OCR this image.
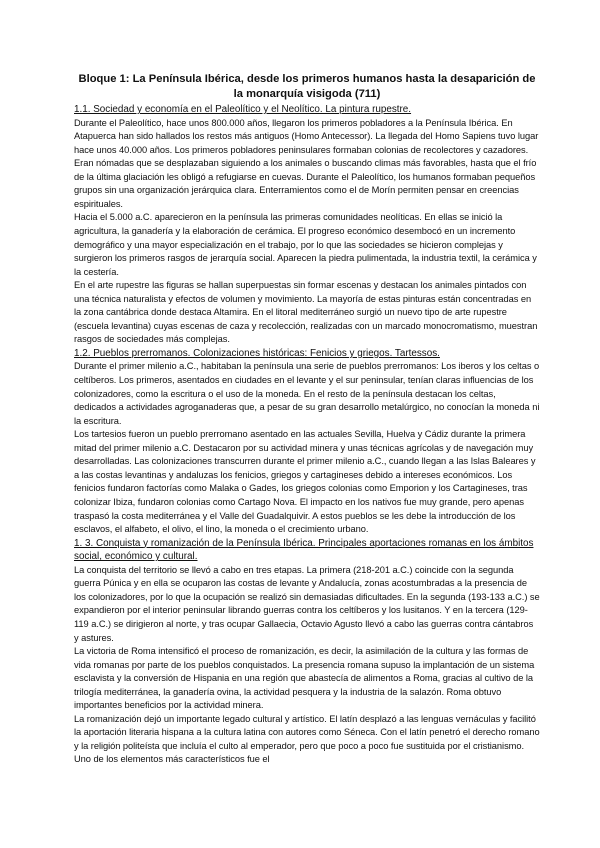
Bloque 1: La Península Ibérica, desde los primeros humanos hasta la desaparición de la monarquía visigoda (711)

1.1. Sociedad y economía en el Paleolítico y el Neolítico. La pintura rupestre.

Durante el Paleolítico, hace unos 800.000 años, llegaron los primeros pobladores a la Península Ibérica. En Atapuerca han sido hallados los restos más antiguos (Homo Antecessor). La llegada del Homo Sapiens tuvo lugar hace unos 40.000 años. Los primeros pobladores peninsulares formaban colonias de recolectores y cazadores. Eran nómadas que se desplazaban siguiendo a los animales o buscando climas más favorables, hasta que el frío de la última glaciación les obligó a refugiarse en cuevas. Durante el Paleolítico, los humanos formaban pequeños grupos sin una organización jerárquica clara. Enterramientos como el de Morín permiten pensar en creencias espirituales.

Hacia el 5.000 a.C. aparecieron en la península las primeras comunidades neolíticas. En ellas se inició la agricultura, la ganadería y la elaboración de cerámica. El progreso económico desembocó en un incremento demográfico y una mayor especialización en el trabajo, por lo que las sociedades se hicieron complejas y surgieron los primeros rasgos de jerarquía social. Aparecen la piedra pulimentada, la industria textil, la cerámica y la cestería.

En el arte rupestre las figuras se hallan superpuestas sin formar escenas y destacan los animales pintados con una técnica naturalista y efectos de volumen y movimiento. La mayoría de estas pinturas están concentradas en la zona cantábrica donde destaca Altamira. En el litoral mediterráneo surgió un nuevo tipo de arte rupestre (escuela levantina) cuyas escenas de caza y recolección, realizadas con un marcado monocromatismo, muestran rasgos de sociedades más complejas.

1.2. Pueblos prerromanos. Colonizaciones históricas: Fenicios y griegos. Tartessos.

Durante el primer milenio a.C., habitaban la península una serie de pueblos prerromanos: Los iberos y los celtas o celtíberos. Los primeros, asentados en ciudades en el levante y el sur peninsular, tenían claras influencias de los colonizadores, como la escritura o el uso de la moneda. En el resto de la península destacan los celtas, dedicados a actividades agroganaderas que, a pesar de su gran desarrollo metalúrgico, no conocían la moneda ni la escritura.

Los tartesios fueron un pueblo prerromano asentado en las actuales Sevilla, Huelva y Cádiz durante la primera mitad del primer milenio a.C. Destacaron por su actividad minera y unas técnicas agrícolas y de navegación muy desarrolladas. Las colonizaciones transcurren durante el primer milenio a.C., cuando llegan a las Islas Baleares y a las costas levantinas y andaluzas los fenicios, griegos y cartagineses debido a intereses económicos. Los fenicios fundaron factorías como Malaka o Gades, los griegos colonias como Emporion y los Cartagineses, tras colonizar Ibiza, fundaron colonias como Cartago Nova. El impacto en los nativos fue muy grande, pero apenas traspasó la costa mediterránea y el Valle del Guadalquivir. A estos pueblos se les debe la introducción de los esclavos, el alfabeto, el olivo, el lino, la moneda o el crecimiento urbano.

1. 3. Conquista y romanización de la Península Ibérica. Principales aportaciones romanas en los ámbitos social, económico y cultural.

La conquista del territorio se llevó a cabo en tres etapas. La primera (218-201 a.C.) coincide con la segunda guerra Púnica y en ella se ocuparon las costas de levante y Andalucía, zonas acostumbradas a la presencia de los colonizadores, por lo que la ocupación se realizó sin demasiadas dificultades. En la segunda (193-133 a.C.) se expandieron por el interior peninsular librando guerras contra los celtíberos y los lusitanos. Y en la tercera (129-119 a.C.) se dirigieron al norte, y tras ocupar Gallaecia, Octavio Agusto llevó a cabo las guerras contra cántabros y astures.

La victoria de Roma intensificó el proceso de romanización, es decir, la asimilación de la cultura y las formas de vida romanas por parte de los pueblos conquistados. La presencia romana supuso la implantación de un sistema esclavista y la conversión de Hispania en una región que abastecía de alimentos a Roma, gracias al cultivo de la trilogía mediterránea, la ganadería ovina, la actividad pesquera y la industria de la salazón. Roma obtuvo importantes beneficios por la actividad minera.

La romanización dejó un importante legado cultural y artístico. El latín desplazó a las lenguas vernáculas y facilitó la aportación literaria hispana a la cultura latina con autores como Séneca. Con el latín penetró el derecho romano y la religión politeísta que incluía el culto al emperador, pero que poco a poco fue sustituida por el cristianismo. Uno de los elementos más característicos fue el
